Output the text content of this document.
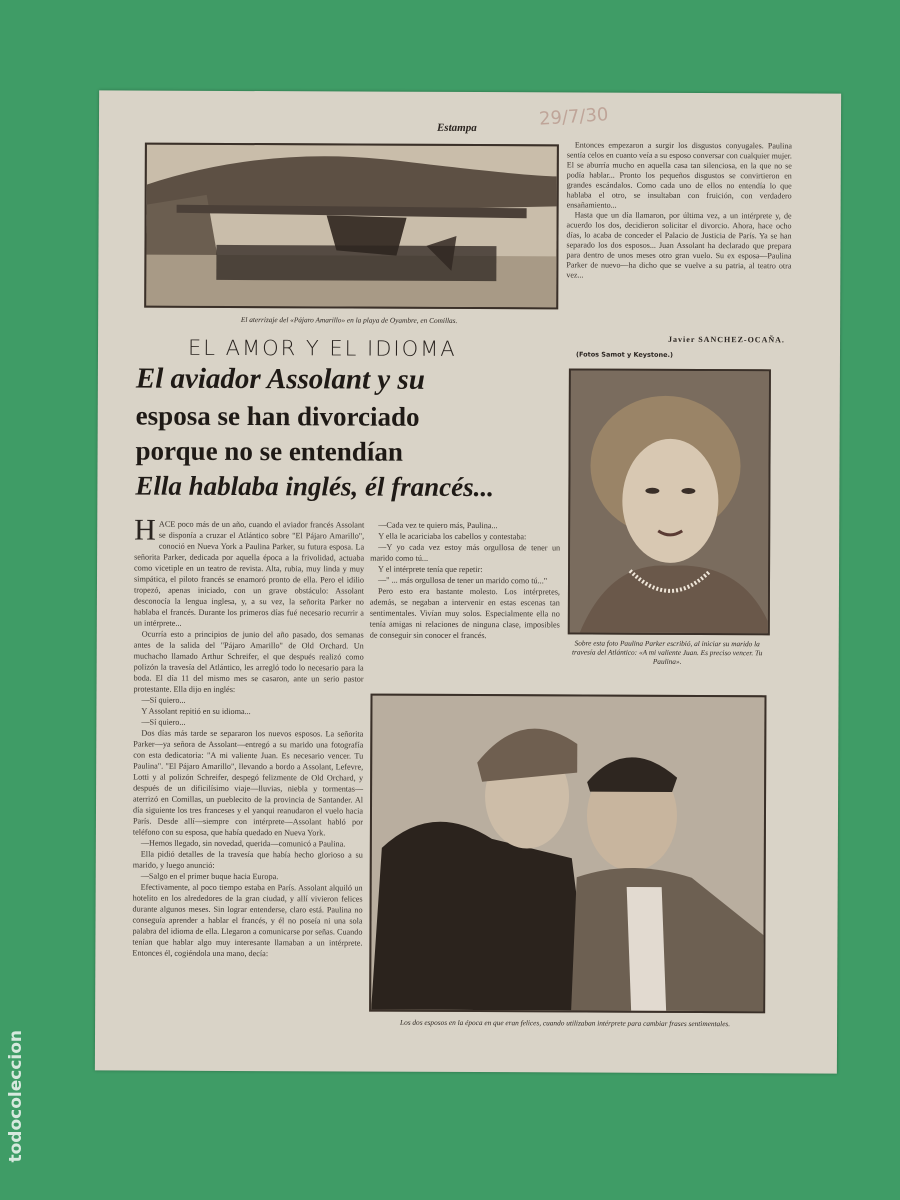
Estampa	29/7/30
El aterrizaje del «Pájaro Amarillo» en la playa de Oyambre, en Comillas.

Entonces empezaron a surgir los disgustos conyugales. Paulina sentía celos en cuanto veía a su esposo conversar con cualquier mujer. El se aburría mucho en aquella casa tan silenciosa, en la que no se podía hablar... Pronto los pequeños disgustos se convirtieron en grandes escándalos. Como cada uno de ellos no entendía lo que hablaba el otro, se insultaban con fruición, con verdadero ensañamiento...

Hasta que un día llamaron, por última vez, a un intérprete y, de acuerdo los dos, decidieron solicitar el divorcio. Ahora, hace ocho días, lo acaba de conceder el Palacio de Justicia de París. Ya se han separado los dos esposos... Juan Assolant ha declarado que prepara para dentro de unos meses otro gran vuelo. Su ex esposa—Paulina Parker de nuevo—ha dicho que se vuelve a su patria, al teatro otra vez...

Javier SANCHEZ-OCAÑA.
(Fotos Samot y Keystone.)
EL AMOR Y EL IDIOMA
El aviador Assolant y su
esposa se han divorciado
porque no se entendían
Ella hablaba inglés, él francés...
Sobre esta foto Paulina Parker escribió, al iniciar su marido la travesía del Atlántico: «A mi valiente Juan. Es preciso vencer. Tu Paulina».
H ACE poco más de un año, cuando el aviador francés Assolant se disponía a cruzar el Atlántico sobre "El Pájaro Amarillo", conoció en Nueva York a Paulina Parker, su futura esposa. La señorita Parker, dedicada por aquella época a la frivolidad, actuaba como vicetiple en un teatro de revista. Alta, rubia, muy linda y muy simpática, el piloto francés se enamoró pronto de ella. Pero el idilio tropezó, apenas iniciado, con un grave obstáculo: Assolant desconocía la lengua inglesa, y, a su vez, la señorita Parker no hablaba el francés. Durante los primeros días fué necesario recurrir a un intérprete...

Ocurría esto a principios de junio del año pasado, dos semanas antes de la salida del "Pájaro Amarillo" de Old Orchard. Un muchacho llamado Arthur Schreifer, el que después realizó como polizón la travesía del Atlántico, les arregló todo lo necesario para la boda. El día 11 del mismo mes se casaron, ante un serio pastor protestante. Ella dijo en inglés:

—Sí quiero...

Y Assolant repitió en su idioma...

—Sí quiero...

Dos días más tarde se separaron los nuevos esposos. La señorita Parker—ya señora de Assolant—entregó a su marido una fotografía con esta dedicatoria: "A mi valiente Juan. Es necesario vencer. Tu Paulina". "El Pájaro Amarillo", llevando a bordo a Assolant, Lefevre, Lotti y al polizón Schreifer, despegó felizmente de Old Orchard, y después de un dificilísimo viaje—lluvias, niebla y tormentas—aterrizó en Comillas, un pueblecito de la provincia de Santander. Al día siguiente los tres franceses y el yanqui reanudaron el vuelo hacia París. Desde allí—siempre con intérprete—Assolant habló por teléfono con su esposa, que había quedado en Nueva York.

—Hemos llegado, sin novedad, querida—comunicó a Paulina.

Ella pidió detalles de la travesía que había hecho glorioso a su marido, y luego anunció:

—Salgo en el primer buque hacia Europa.

Efectivamente, al poco tiempo estaba en París. Assolant alquiló un hotelito en los alrededores de la gran ciudad, y allí vivieron felices durante algunos meses. Sin lograr entenderse, claro está. Paulina no conseguía aprender a hablar el francés, y él no poseía ni una sola palabra del idioma de ella. Llegaron a comunicarse por señas. Cuando tenían que hablar algo muy interesante llamaban a un intérprete. Entonces él, cogiéndola una mano, decía:

—Cada vez te quiero más, Paulina...

Y ella le acariciaba los cabellos y contestaba:

—Y yo cada vez estoy más orgullosa de tener un marido como tú...

Y el intérprete tenía que repetir:

—" ... más orgullosa de tener un marido como tú..."

Pero esto era bastante molesto. Los intérpretes, además, se negaban a intervenir en estas escenas tan sentimentales. Vivían muy solos. Especialmente ella no tenía amigas ni relaciones de ninguna clase, imposibles de conseguir sin conocer el francés.

Los dos esposos en la época en que eran felices, cuando utilizaban intérprete para cambiar frases sentimentales.
todocoleccion
